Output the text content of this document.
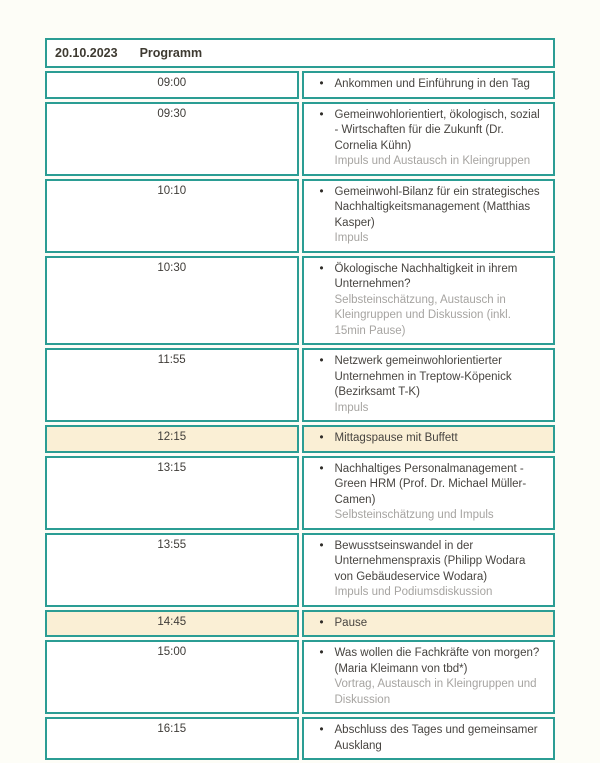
20.10.2023 Programm	
09:00	• Ankommen und Einführung in den Tag

09:30	• Gemeinwohlorientiert, ökologisch, sozial - Wirtschaften für die Zukunft (Dr. Cornelia Kühn)
Impuls und Austausch in Kleingruppen

10:10	• Gemeinwohl-Bilanz für ein strategisches Nachhaltigkeitsmanagement (Matthias Kasper)
Impuls

10:30	• Ökologische Nachhaltigkeit in ihrem Unternehmen?
Selbsteinschätzung, Austausch in Kleingruppen und Diskussion (inkl. 15min Pause)

11:55	• Netzwerk gemeinwohlorientierter Unternehmen in Treptow-Köpenick (Bezirksamt T-K)
Impuls

12:15	• Mittagspause mit Buffett

13:15	• Nachhaltiges Personalmanagement - Green HRM (Prof. Dr. Michael Müller-Camen)
Selbsteinschätzung und Impuls

13:55	• Bewusstseinswandel in der Unternehmenspraxis (Philipp Wodara von Gebäudeservice Wodara)
Impuls und Podiumsdiskussion

14:45	• Pause

15:00	• Was wollen die Fachkräfte von morgen? (Maria Kleimann von tbd*)
Vortrag, Austausch in Kleingruppen und Diskussion

16:15	• Abschluss des Tages und gemeinsamer Ausklang
